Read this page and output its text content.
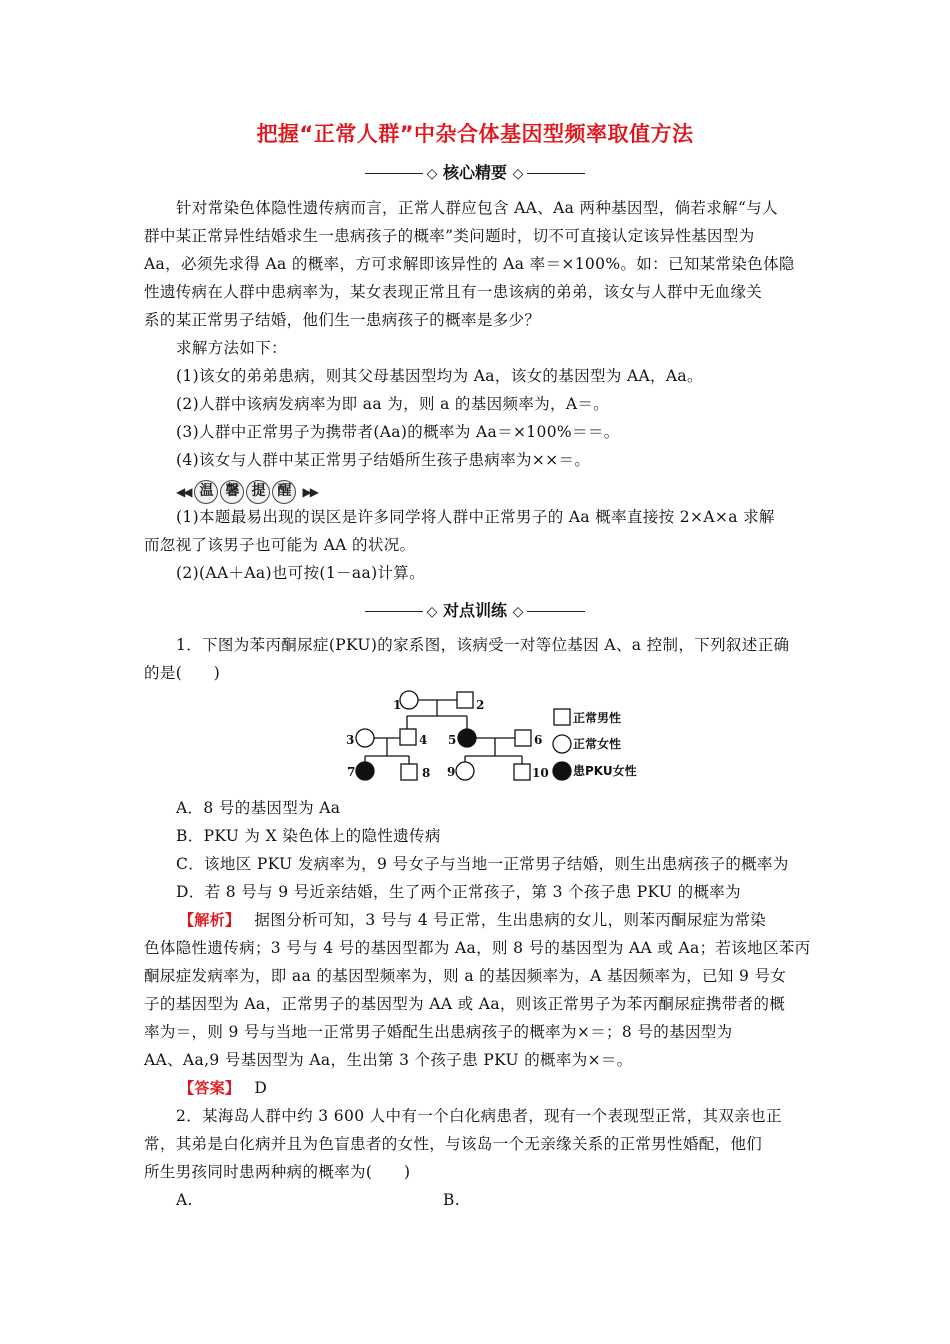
把握“正常人群”中杂合体基因型频率取值方法
◇ 核心精要 ◇
针对常染色体隐性遗传病而言，正常人群应包含 AA、Aa 两种基因型，倘若求解“与人
群中某正常异性结婚求生一患病孩子的概率”类问题时，切不可直接认定该异性基因型为
Aa，必须先求得 Aa 的概率，方可求解即该异性的 Aa 率＝×100%。如：已知某常染色体隐
性遗传病在人群中患病率为，某女表现正常且有一患该病的弟弟，该女与人群中无血缘关
系的某正常男子结婚，他们生一患病孩子的概率是多少？
求解方法如下：
(1)该女的弟弟患病，则其父母基因型均为 Aa，该女的基因型为 AA，Aa。
(2)人群中该病发病率为即 aa 为，则 a 的基因频率为，A＝。
(3)人群中正常男子为携带者(Aa)的概率为 Aa＝×100%＝＝。
(4)该女与人群中某正常男子结婚所生孩子患病率为××＝。
◀◀ 温 馨 提 醒 ▶▶
(1)本题最易出现的误区是许多同学将人群中正常男子的 Aa 概率直接按 2×A×a 求解
而忽视了该男子也可能为 AA 的状况。
(2)(AA＋Aa)也可按(1－aa)计算。
◇ 对点训练 ◇
1．下图为苯丙酮尿症(PKU)的家系图，该病受一对等位基因 A、a 控制，下列叙述正确
的是(　　)
1	2
3	4 5	6
7	8 9	10
正常男性
正常女性
患PKU女性
A．8 号的基因型为 Aa
B．PKU 为 X 染色体上的隐性遗传病
C．该地区 PKU 发病率为，9 号女子与当地一正常男子结婚，则生出患病孩子的概率为
D．若 8 号与 9 号近亲结婚，生了两个正常孩子，第 3 个孩子患 PKU 的概率为
【解析】 据图分析可知，3 号与 4 号正常，生出患病的女儿，则苯丙酮尿症为常染
色体隐性遗传病；3 号与 4 号的基因型都为 Aa，则 8 号的基因型为 AA 或 Aa；若该地区苯丙
酮尿症发病率为，即 aa 的基因型频率为，则 a 的基因频率为，A 基因频率为，已知 9 号女
子的基因型为 Aa，正常男子的基因型为 AA 或 Aa，则该正常男子为苯丙酮尿症携带者的概
率为＝，则 9 号与当地一正常男子婚配生出患病孩子的概率为×＝；8 号的基因型为
AA、Aa,9 号基因型为 Aa，生出第 3 个孩子患 PKU 的概率为×＝。
【答案】 D
2．某海岛人群中约 3 600 人中有一个白化病患者，现有一个表现型正常，其双亲也正
常，其弟是白化病并且为色盲患者的女性，与该岛一个无亲缘关系的正常男性婚配，他们
所生男孩同时患两种病的概率为(　　)
A.	B.
